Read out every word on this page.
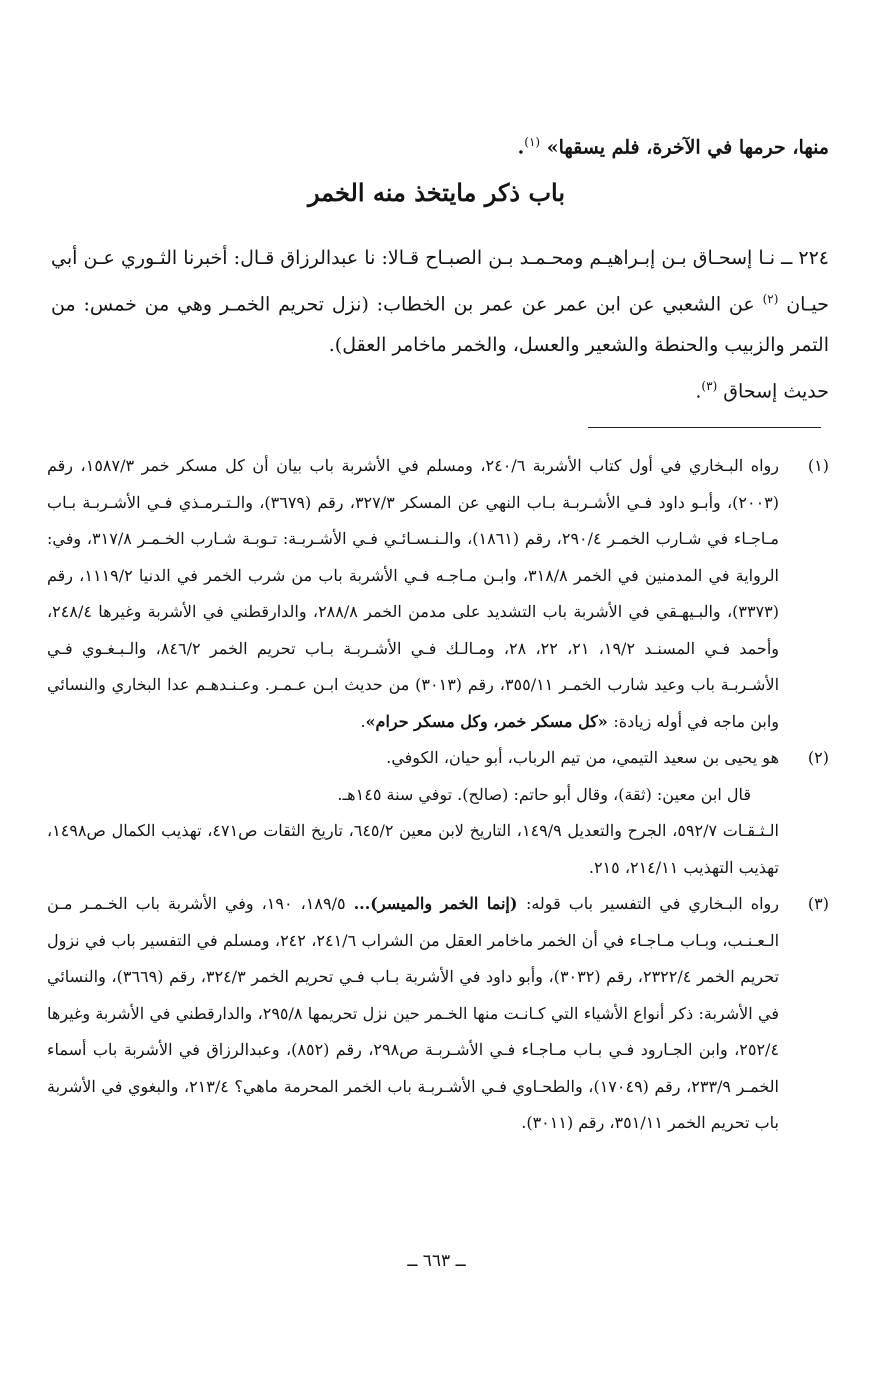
منها، حرمها في الآخرة، فلم يسقها» $^{(١)}$.
باب ذكر مايتخذ منه الخمر

٢٢٤ ــ نـا إسحـاق بـن إبـراهيـم ومحـمـد بـن الصبـاح قـالا: نا عبدالرزاق قـال: أخبرنا الثـوري عـن أبي حيـان $^{(٢)}$ عن الشعبي عن ابن عمر عن عمر بن الخطاب: (نزل تحريم الخمـر وهي من خمس: من التمر والزبيب والحنطة والشعير والعسل، والخمر ماخامر العقل).

حديث إسحاق $^{(٣)}$.

(١)
رواه البـخاري في أول كتاب الأشربة ٢٤٠/٦، ومسلم في الأشربة باب بيان أن كل مسكر خمر ١٥٨٧/٣، رقم (٢٠٠٣)، وأبـو داود فـي الأشـربـة بـاب النهي عن المسكر ٣٢٧/٣، رقم (٣٦٧٩)، والـتـرمـذي فـي الأشـربـة بـاب مـاجـاء في شـارب الخمـر ٢٩٠/٤، رقم (١٨٦١)، والـنـسـائـي فـي الأشـربـة: تـوبـة شـارب الخـمـر ٣١٧/٨، وفي: الرواية في المدمنين في الخمر ٣١٨/٨، وابـن مـاجـه فـي الأشربة باب من شرب الخمر في الدنيا ١١١٩/٢، رقم (٣٣٧٣)، والبـيهـقي في الأشربة باب التشديد على مدمن الخمر ٢٨٨/٨، والدارقطني في الأشربة وغيرها ٢٤٨/٤، وأحمد فـي المسنـد ١٩/٢، ٢١، ٢٢، ٢٨، ومـالـك فـي الأشـربـة بـاب تحريم الخمر ٨٤٦/٢، والـبـغـوي فـي الأشـربـة باب وعيد شارب الخمـر ٣٥٥/١١، رقم (٣٠١٣) من حديث ابـن عـمـر. وعـنـدهـم عدا البخاري والنسائي وابن ماجه في أوله زيادة: «كل مسكر خمر، وكل مسكر حرام».
(٢)

هو يحيى بن سعيد التيمي، من تيم الرباب، أبو حيان، الكوفي.

قال ابن معين: (ثقة)، وقال أبو حاتم: (صالح). توفي سنة ١٤٥هـ.

الـثـقـات ٥٩٢/٧، الجرح والتعديل ١٤٩/٩، التاريخ لابن معين ٦٤٥/٢، تاريخ الثقات ص٤٧١، تهذيب الكمال ص١٤٩٨، تهذيب التهذيب ٢١٤/١١، ٢١٥.

(٣)
رواه البـخاري في التفسير باب قوله: (إنما الخمر والميسر)... ١٨٩/٥، ١٩٠، وفي الأشربة باب الخـمـر مـن الـعـنـب، وبـاب مـاجـاء في أن الخمر ماخامر العقل من الشراب ٢٤١/٦، ٢٤٢، ومسلم في التفسير باب في نزول تحريم الخمر ٢٣٢٢/٤، رقم (٣٠٣٢)، وأبو داود في الأشربة بـاب فـي تحريم الخمر ٣٢٤/٣، رقم (٣٦٦٩)، والنسائي في الأشربة: ذكر أنواع الأشياء التي كـانـت منها الخـمر حين نزل تحريمها ٢٩٥/٨، والدارقطني في الأشربة وغيرها ٢٥٢/٤، وابن الجـارود فـي بـاب مـاجـاء فـي الأشـربـة ص٢٩٨، رقم (٨٥٢)، وعبدالرزاق في الأشربة باب أسماء الخمـر ٢٣٣/٩، رقم (١٧٠٤٩)، والطحـاوي فـي الأشـربـة باب الخمر المحرمة ماهي؟ ٢١٣/٤، والبغوي في الأشربة باب تحريم الخمر ٣٥١/١١، رقم (٣٠١١).
ــ ٦٦٣ ــ
